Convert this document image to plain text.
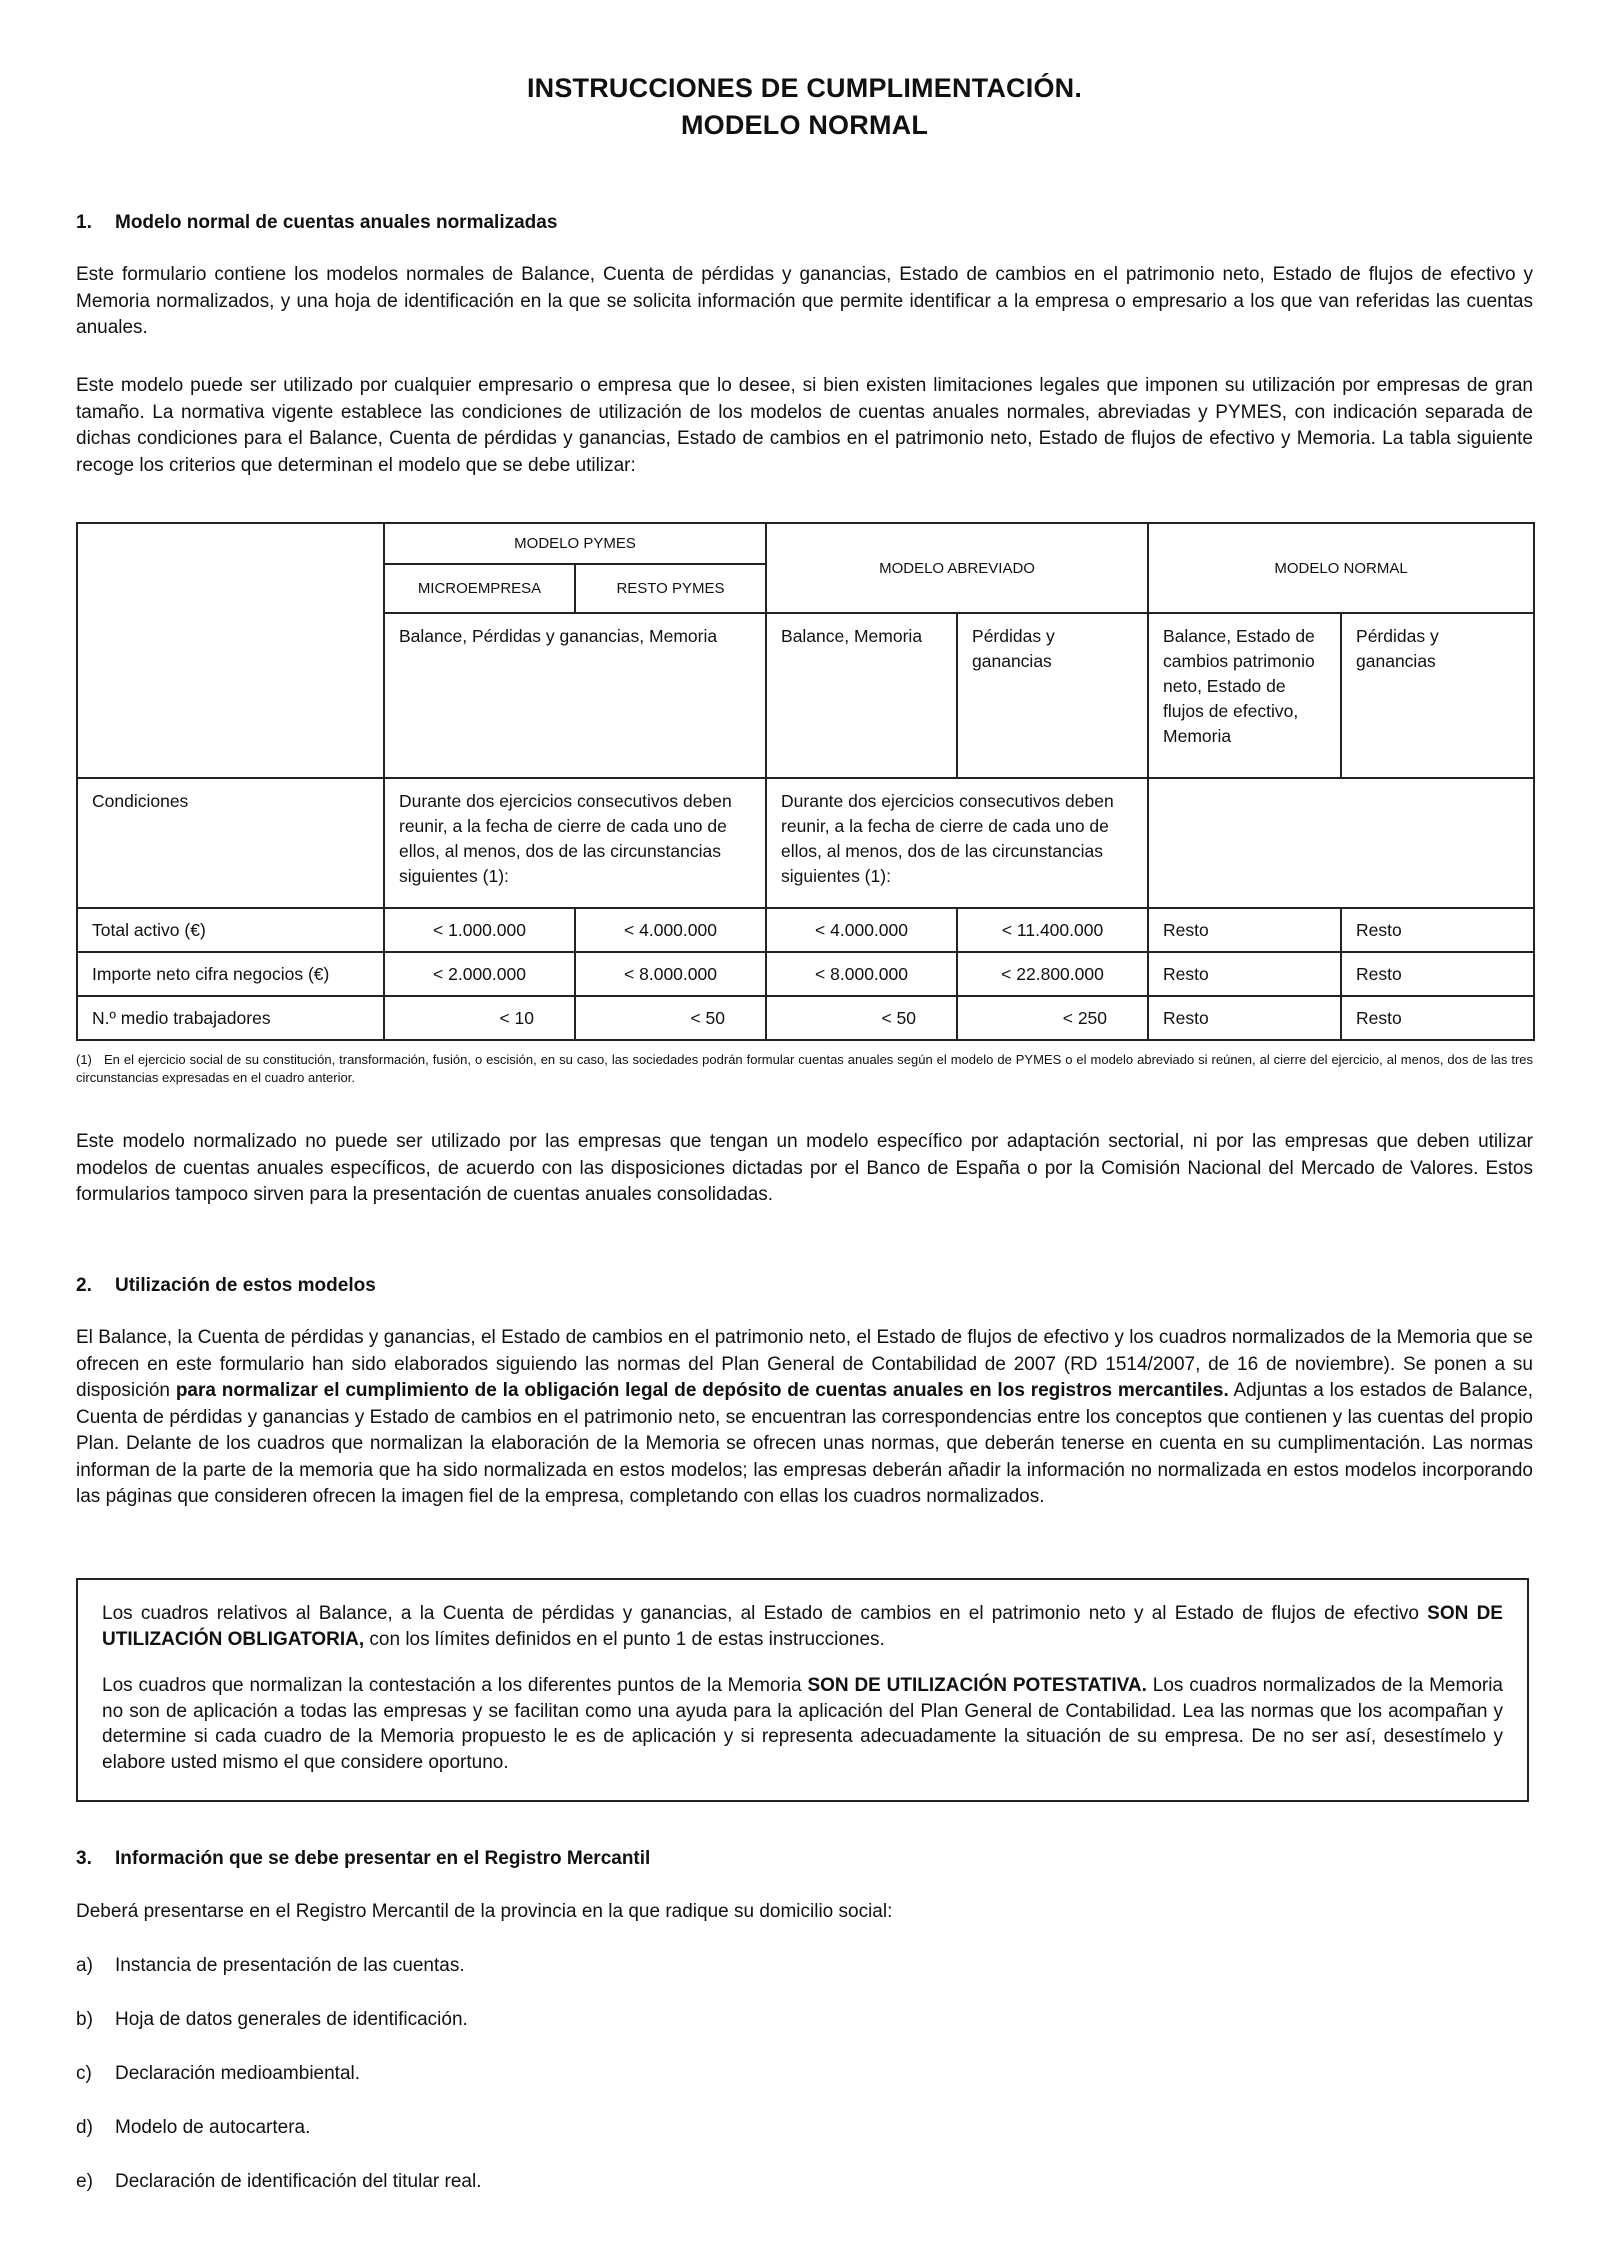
INSTRUCCIONES DE CUMPLIMENTACIÓN.
MODELO NORMAL
1. Modelo normal de cuentas anuales normalizadas
Este formulario contiene los modelos normales de Balance, Cuenta de pérdidas y ganancias, Estado de cambios en el patrimonio neto, Estado de flujos de efectivo y Memoria normalizados, y una hoja de identificación en la que se solicita información que permite identificar a la empresa o empresario a los que van referidas las cuentas anuales.
Este modelo puede ser utilizado por cualquier empresario o empresa que lo desee, si bien existen limitaciones legales que imponen su utilización por empresas de gran tamaño. La normativa vigente establece las condiciones de utilización de los modelos de cuentas anuales normales, abreviadas y PYMES, con indicación separada de dichas condiciones para el Balance, Cuenta de pérdidas y ganancias, Estado de cambios en el patrimonio neto, Estado de flujos de efectivo y Memoria. La tabla siguiente recoge los criterios que determinan el modelo que se debe utilizar:
	MODELO PYMES		MODELO ABREVIADO		MODELO NORMAL	
	MICROEMPRESA	RESTO PYMES				
	Balance, Pérdidas y ganancias, Memoria		Balance, Memoria	Pérdidas y ganancias	Balance, Estado de cambios patrimonio neto, Estado de flujos de efectivo, Memoria	Pérdidas y ganancias
Condiciones	Durante dos ejercicios consecutivos deben reunir, a la fecha de cierre de cada uno de ellos, al menos, dos de las circunstancias siguientes (1):		Durante dos ejercicios consecutivos deben reunir, a la fecha de cierre de cada uno de ellos, al menos, dos de las circunstancias siguientes (1):			
Total activo (€)	< 1.000.000	< 4.000.000	< 4.000.000	< 11.400.000	Resto	Resto
Importe neto cifra negocios (€)	< 2.000.000	< 8.000.000	< 8.000.000	< 22.800.000	Resto	Resto
N.º medio trabajadores	< 10	< 50	< 50	< 250	Resto	Resto
(1) En el ejercicio social de su constitución, transformación, fusión, o escisión, en su caso, las sociedades podrán formular cuentas anuales según el modelo de PYMES o el modelo abreviado si reúnen, al cierre del ejercicio, al menos, dos de las tres circunstancias expresadas en el cuadro anterior.
Este modelo normalizado no puede ser utilizado por las empresas que tengan un modelo específico por adaptación sectorial, ni por las empresas que deben utilizar modelos de cuentas anuales específicos, de acuerdo con las disposiciones dictadas por el Banco de España o por la Comisión Nacional del Mercado de Valores. Estos formularios tampoco sirven para la presentación de cuentas anuales consolidadas.
2. Utilización de estos modelos
El Balance, la Cuenta de pérdidas y ganancias, el Estado de cambios en el patrimonio neto, el Estado de flujos de efectivo y los cuadros normalizados de la Memoria que se ofrecen en este formulario han sido elaborados siguiendo las normas del Plan General de Contabilidad de 2007 (RD 1514/2007, de 16 de noviembre). Se ponen a su disposición para normalizar el cumplimiento de la obligación legal de depósito de cuentas anuales en los registros mercantiles. Adjuntas a los estados de Balance, Cuenta de pérdidas y ganancias y Estado de cambios en el patrimonio neto, se encuentran las correspondencias entre los conceptos que contienen y las cuentas del propio Plan. Delante de los cuadros que normalizan la elaboración de la Memoria se ofrecen unas normas, que deberán tenerse en cuenta en su cumplimentación. Las normas informan de la parte de la memoria que ha sido normalizada en estos modelos; las empresas deberán añadir la información no normalizada en estos modelos incorporando las páginas que consideren ofrecen la imagen fiel de la empresa, completando con ellas los cuadros normalizados.

Los cuadros relativos al Balance, a la Cuenta de pérdidas y ganancias, al Estado de cambios en el patrimonio neto y al Estado de flujos de efectivo SON DE UTILIZACIÓN OBLIGATORIA, con los límites definidos en el punto 1 de estas instrucciones.

Los cuadros que normalizan la contestación a los diferentes puntos de la Memoria SON DE UTILIZACIÓN POTESTATIVA. Los cuadros normalizados de la Memoria no son de aplicación a todas las empresas y se facilitan como una ayuda para la aplicación del Plan General de Contabilidad. Lea las normas que los acompañan y determine si cada cuadro de la Memoria propuesto le es de aplicación y si representa adecuadamente la situación de su empresa. De no ser así, desestímelo y elabore usted mismo el que considere oportuno.

3. Información que se debe presentar en el Registro Mercantil
Deberá presentarse en el Registro Mercantil de la provincia en la que radique su domicilio social:
a) Instancia de presentación de las cuentas.
b) Hoja de datos generales de identificación.
c) Declaración medioambiental.
d) Modelo de autocartera.
e) Declaración de identificación del titular real.
